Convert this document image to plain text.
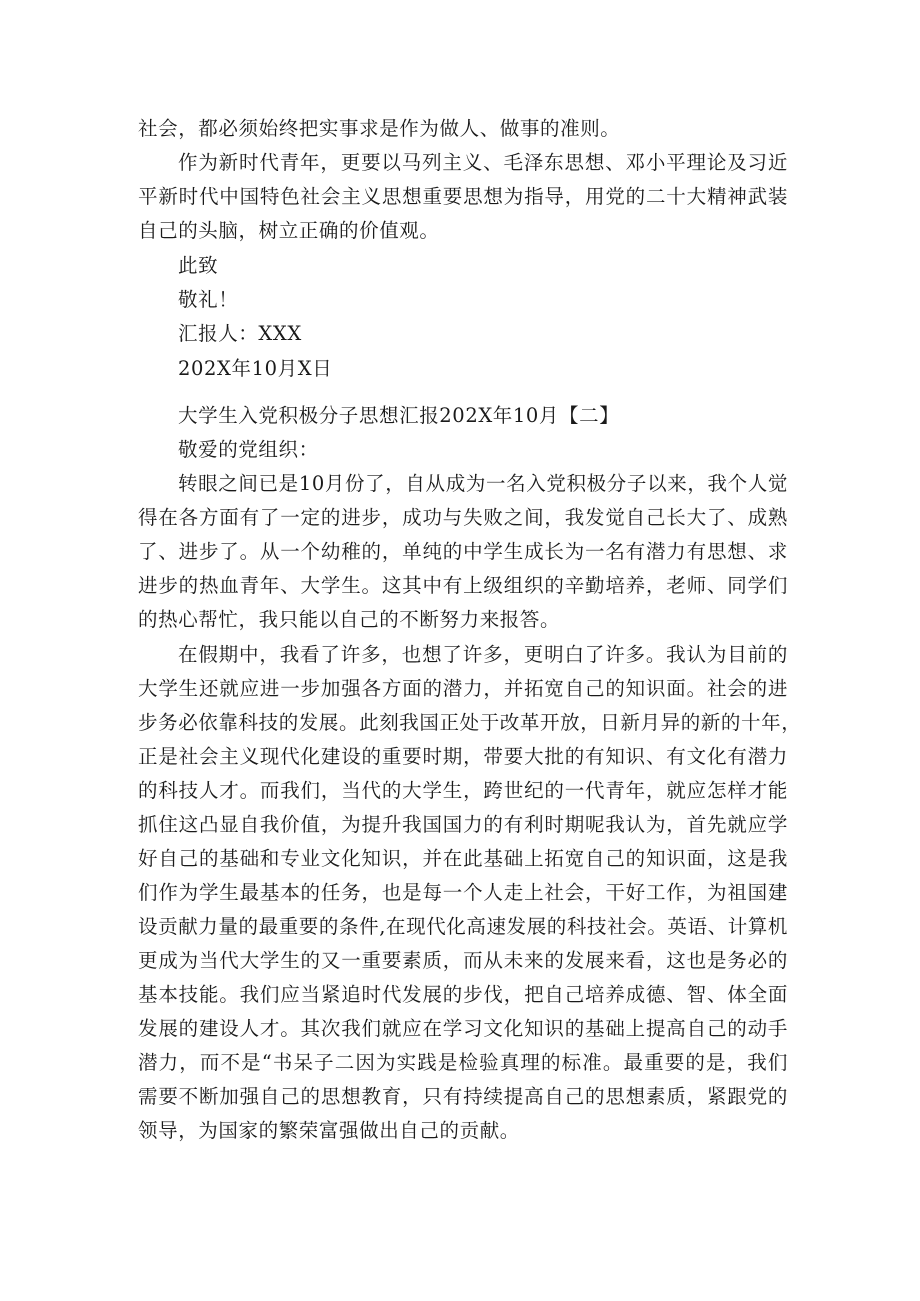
社会，都必须始终把实事求是作为做人、做事的准则。
作为新时代青年，更要以马列主义、毛泽东思想、邓小平理论及习近
平新时代中国特色社会主义思想重要思想为指导，用党的二十大精神武装
自己的头脑，树立正确的价值观。
此致
敬礼！
汇报人：XXX
202X年10月X日
大学生入党积极分子思想汇报202X年10月【二】
敬爱的党组织：
转眼之间已是10月份了，自从成为一名入党积极分子以来，我个人觉
得在各方面有了一定的进步，成功与失败之间，我发觉自己长大了、成熟
了、进步了。从一个幼稚的，单纯的中学生成长为一名有潜力有思想、求
进步的热血青年、大学生。这其中有上级组织的辛勤培养，老师、同学们
的热心帮忙，我只能以自己的不断努力来报答。
在假期中，我看了许多，也想了许多，更明白了许多。我认为目前的
大学生还就应进一步加强各方面的潜力，并拓宽自己的知识面。社会的进
步务必依靠科技的发展。此刻我国正处于改革开放，日新月异的新的十年，
正是社会主义现代化建设的重要时期，带要大批的有知识、有文化有潜力
的科技人才。而我们，当代的大学生，跨世纪的一代青年，就应怎样才能
抓住这凸显自我价值，为提升我国国力的有利时期呢我认为，首先就应学
好自己的基础和专业文化知识，并在此基础上拓宽自己的知识面，这是我
们作为学生最基本的任务，也是每一个人走上社会，干好工作，为祖国建
设贡献力量的最重要的条件,在现代化高速发展的科技社会。英语、计算机
更成为当代大学生的又一重要素质，而从未来的发展来看，这也是务必的
基本技能。我们应当紧追时代发展的步伐，把自己培养成德、智、体全面
发展的建设人才。其次我们就应在学习文化知识的基础上提高自己的动手
潜力，而不是“书呆子二因为实践是检验真理的标准。最重要的是，我们
需要不断加强自己的思想教育，只有持续提高自己的思想素质，紧跟党的
领导，为国家的繁荣富强做出自己的贡献。
